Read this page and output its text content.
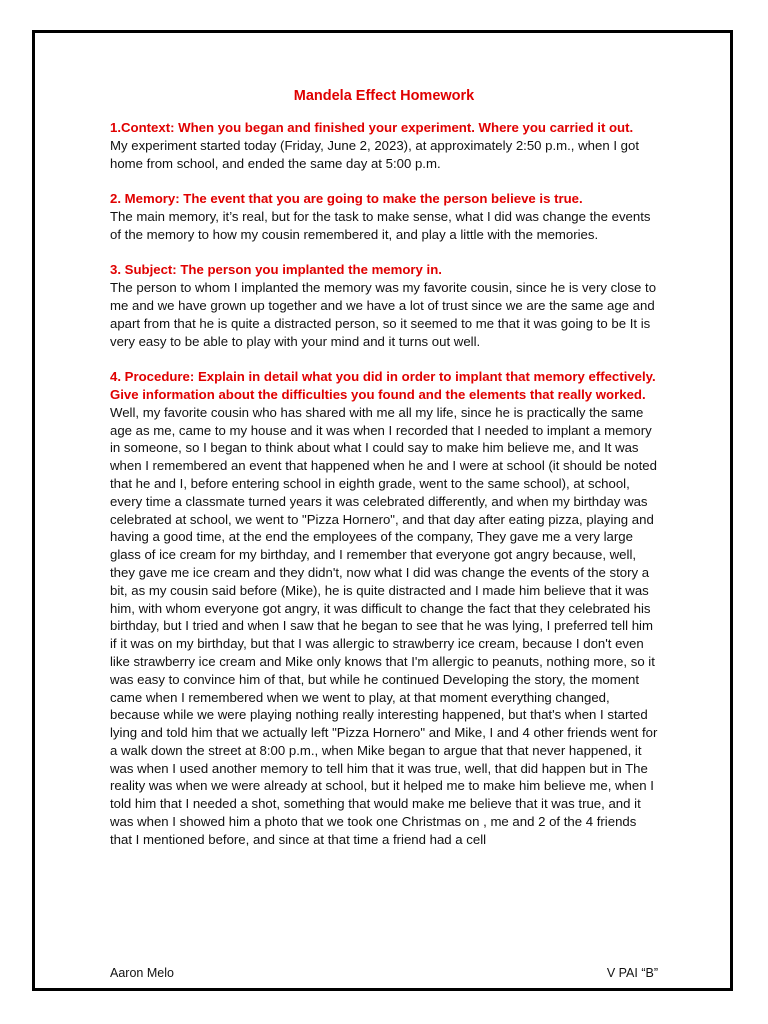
Mandela Effect Homework
1.Context: When you began and finished your experiment. Where you carried it out.

My experiment started today (Friday, June 2, 2023), at approximately 2:50 p.m., when I got home from school, and ended the same day at 5:00 p.m.

2. Memory: The event that you are going to make the person believe is true.

The main memory, it’s real, but for the task to make sense, what I did was change the events of the memory to how my cousin remembered it, and play a little with the memories.

3. Subject: The person you implanted the memory in.

The person to whom I implanted the memory was my favorite cousin, since he is very close to me and we have grown up together and we have a lot of trust since we are the same age and apart from that he is quite a distracted person, so it seemed to me that it was going to be It is very easy to be able to play with your mind and it turns out well.

4. Procedure: Explain in detail what you did in order to implant that memory effectively. Give information about the difficulties you found and the elements that really worked.

Well, my favorite cousin who has shared with me all my life, since he is practically the same age as me, came to my house and it was when I recorded that I needed to implant a memory in someone, so I began to think about what I could say to make him believe me, and It was when I remembered an event that happened when he and I were at school (it should be noted that he and I, before entering school in eighth grade, went to the same school), at school, every time a classmate turned years it was celebrated differently, and when my birthday was celebrated at school, we went to "Pizza Hornero", and that day after eating pizza, playing and having a good time, at the end the employees of the company, They gave me a very large glass of ice cream for my birthday, and I remember that everyone got angry because, well, they gave me ice cream and they didn't, now what I did was change the events of the story a bit, as my cousin said before (Mike), he is quite distracted and I made him believe that it was him, with whom everyone got angry, it was difficult to change the fact that they celebrated his birthday, but I tried and when I saw that he began to see that he was lying, I preferred tell him if it was on my birthday, but that I was allergic to strawberry ice cream, because I don't even like strawberry ice cream and Mike only knows that I'm allergic to peanuts, nothing more, so it was easy to convince him of that, but while he continued Developing the story, the moment came when I remembered when we went to play, at that moment everything changed, because while we were playing nothing really interesting happened, but that's when I started lying and told him that we actually left "Pizza Hornero" and Mike, I and 4 other friends went for a walk down the street at 8:00 p.m., when Mike began to argue that that never happened, it was when I used another memory to tell him that it was true, well, that did happen but in The reality was when we were already at school, but it helped me to make him believe me, when I told him that I needed a shot, something that would make me believe that it was true, and it was when I showed him a photo that we took one Christmas on , me and 2 of the 4 friends that I mentioned before, and since at that time a friend had a cell

Aaron Melo	V PAI “B”
